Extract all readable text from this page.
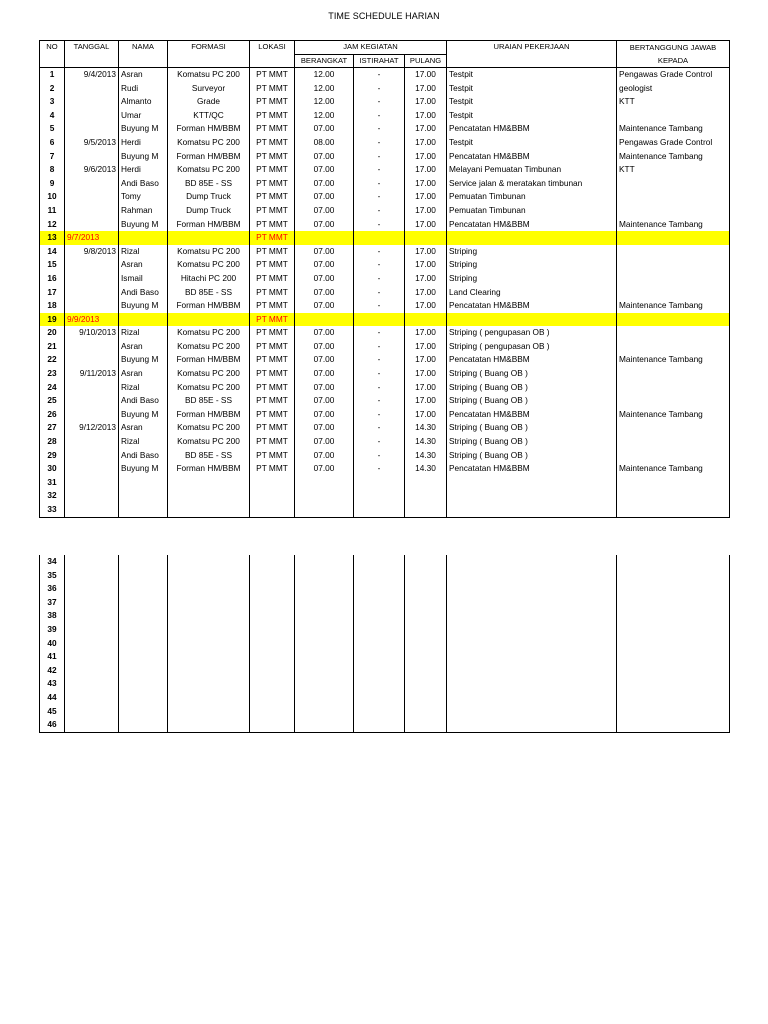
TIME SCHEDULE HARIAN
NO	TANGGAL	NAMA	FORMASI	LOKASI	JAM KEGIATAN			URAIAN PEKERJAAN	BERTANGGUNG JAWAB KEPADA
					BERANGKAT	ISTIRAHAT	PULANG		
1	9/4/2013	Asran	Komatsu PC 200	PT MMT	12.00	-	17.00	Testpit	Pengawas Grade Control
2		Rudi	Surveyor	PT MMT	12.00	-	17.00	Testpit	geologist
3		Almanto	Grade	PT MMT	12.00	-	17.00	Testpit	KTT
4		Umar	KTT/QC	PT MMT	12.00	-	17.00	Testpit	
5		Buyung M	Forman HM/BBM	PT MMT	07.00	-	17.00	Pencatatan HM&BBM	Maintenance Tambang
6	9/5/2013	Herdi	Komatsu PC 200	PT MMT	08.00	-	17.00	Testpit	Pengawas Grade Control
7		Buyung M	Forman HM/BBM	PT MMT	07.00	-	17.00	Pencatatan HM&BBM	Maintenance Tambang
8	9/6/2013	Herdi	Komatsu PC 200	PT MMT	07.00	-	17.00	Melayani Pemuatan Timbunan	KTT
9		Andi Baso	BD 85E - SS	PT MMT	07.00	-	17.00	Service jalan & meratakan timbunan	
10		Tomy	Dump Truck	PT MMT	07.00	-	17.00	Pemuatan Timbunan	
11		Rahman	Dump Truck	PT MMT	07.00	-	17.00	Pemuatan Timbunan	
12		Buyung M	Forman HM/BBM	PT MMT	07.00	-	17.00	Pencatatan HM&BBM	Maintenance Tambang
13	9/7/2013			PT MMT					
14	9/8/2013	Rizal	Komatsu PC 200	PT MMT	07.00	-	17.00	Striping	
15		Asran	Komatsu PC 200	PT MMT	07.00	-	17.00	Striping	
16		Ismail	Hitachi PC 200	PT MMT	07.00	-	17.00	Striping	
17		Andi Baso	BD 85E - SS	PT MMT	07.00	-	17.00	Land Clearing	
18		Buyung M	Forman HM/BBM	PT MMT	07.00	-	17.00	Pencatatan HM&BBM	Maintenance Tambang
19	9/9/2013			PT MMT					
20	9/10/2013	Rizal	Komatsu PC 200	PT MMT	07.00	-	17.00	Striping ( pengupasan OB )	
21		Asran	Komatsu PC 200	PT MMT	07.00	-	17.00	Striping ( pengupasan OB )	
22		Buyung M	Forman HM/BBM	PT MMT	07.00	-	17.00	Pencatatan HM&BBM	Maintenance Tambang
23	9/11/2013	Asran	Komatsu PC 200	PT MMT	07.00	-	17.00	Striping ( Buang OB )	
24		Rizal	Komatsu PC 200	PT MMT	07.00	-	17.00	Striping ( Buang OB )	
25		Andi Baso	BD 85E - SS	PT MMT	07.00	-	17.00	Striping ( Buang OB )	
26		Buyung M	Forman HM/BBM	PT MMT	07.00	-	17.00	Pencatatan HM&BBM	Maintenance Tambang
27	9/12/2013	Asran	Komatsu PC 200	PT MMT	07.00	-	14.30	Striping ( Buang OB )	
28		Rizal	Komatsu PC 200	PT MMT	07.00	-	14.30	Striping ( Buang OB )	
29		Andi Baso	BD 85E - SS	PT MMT	07.00	-	14.30	Striping ( Buang OB )	
30		Buyung M	Forman HM/BBM	PT MMT	07.00	-	14.30	Pencatatan HM&BBM	Maintenance Tambang
31									
32									
33									
34									
35									
36									
37									
38									
39									
40									
41									
42									
43									
44									
45									
46									
